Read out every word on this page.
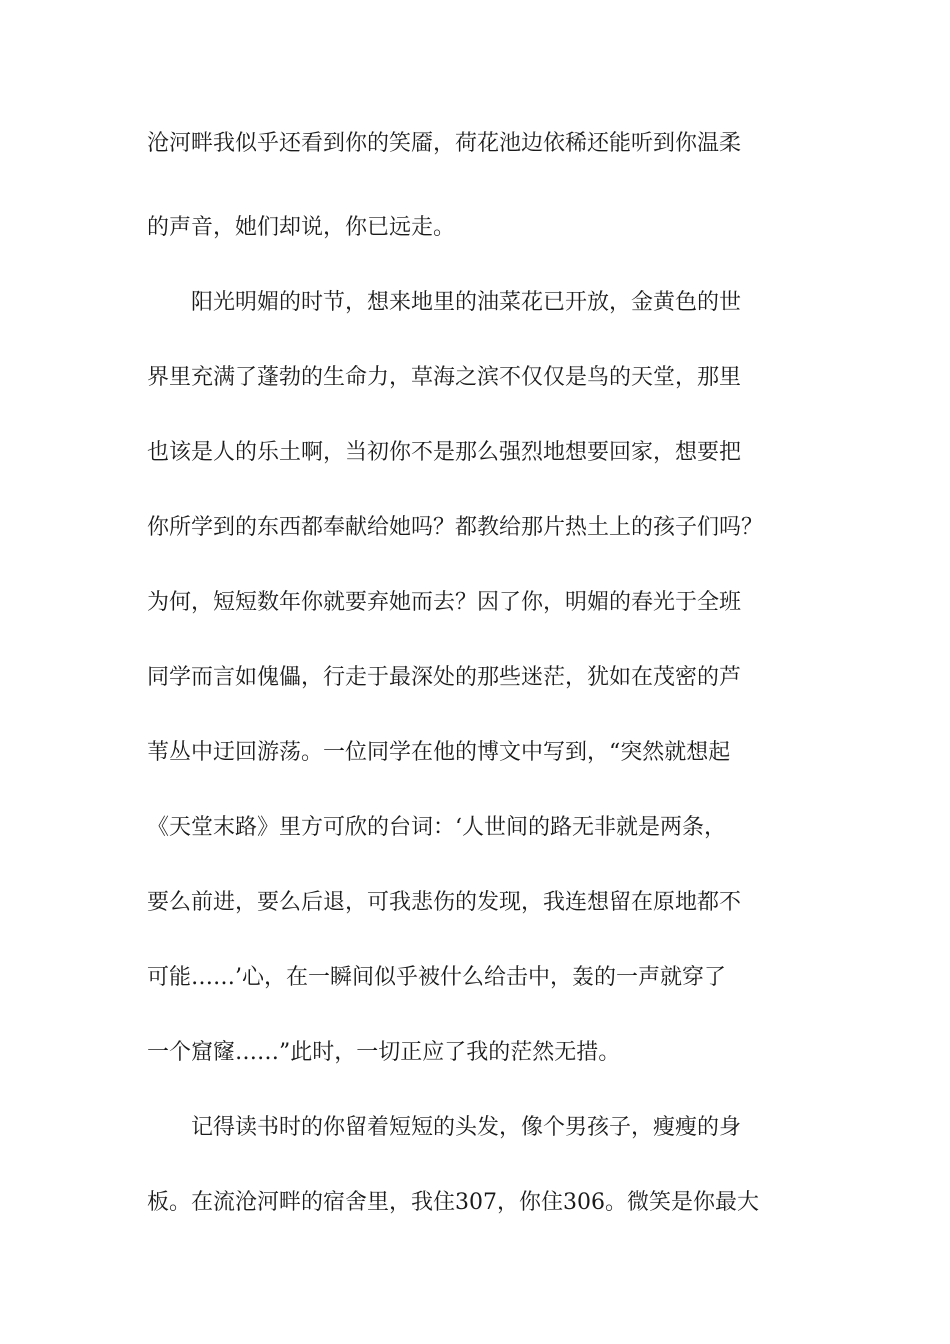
沧河畔我似乎还看到你的笑靥，荷花池边依稀还能听到你温柔
的声音，她们却说，你已远走。
阳光明媚的时节，想来地里的油菜花已开放，金黄色的世
界里充满了蓬勃的生命力，草海之滨不仅仅是鸟的天堂，那里
也该是人的乐土啊，当初你不是那么强烈地想要回家，想要把
你所学到的东西都奉献给她吗？都教给那片热土上的孩子们吗？
为何，短短数年你就要弃她而去？因了你，明媚的春光于全班
同学而言如傀儡，行走于最深处的那些迷茫，犹如在茂密的芦
苇丛中迂回游荡。一位同学在他的博文中写到，“突然就想起
《天堂末路》里方可欣的台词：‘人世间的路无非就是两条，
要么前进，要么后退，可我悲伤的发现，我连想留在原地都不
可能……’心，在一瞬间似乎被什么给击中，轰的一声就穿了
一个窟窿……”此时，一切正应了我的茫然无措。
记得读书时的你留着短短的头发，像个男孩子，瘦瘦的身
板。在流沧河畔的宿舍里，我住307，你住306。微笑是你最大
